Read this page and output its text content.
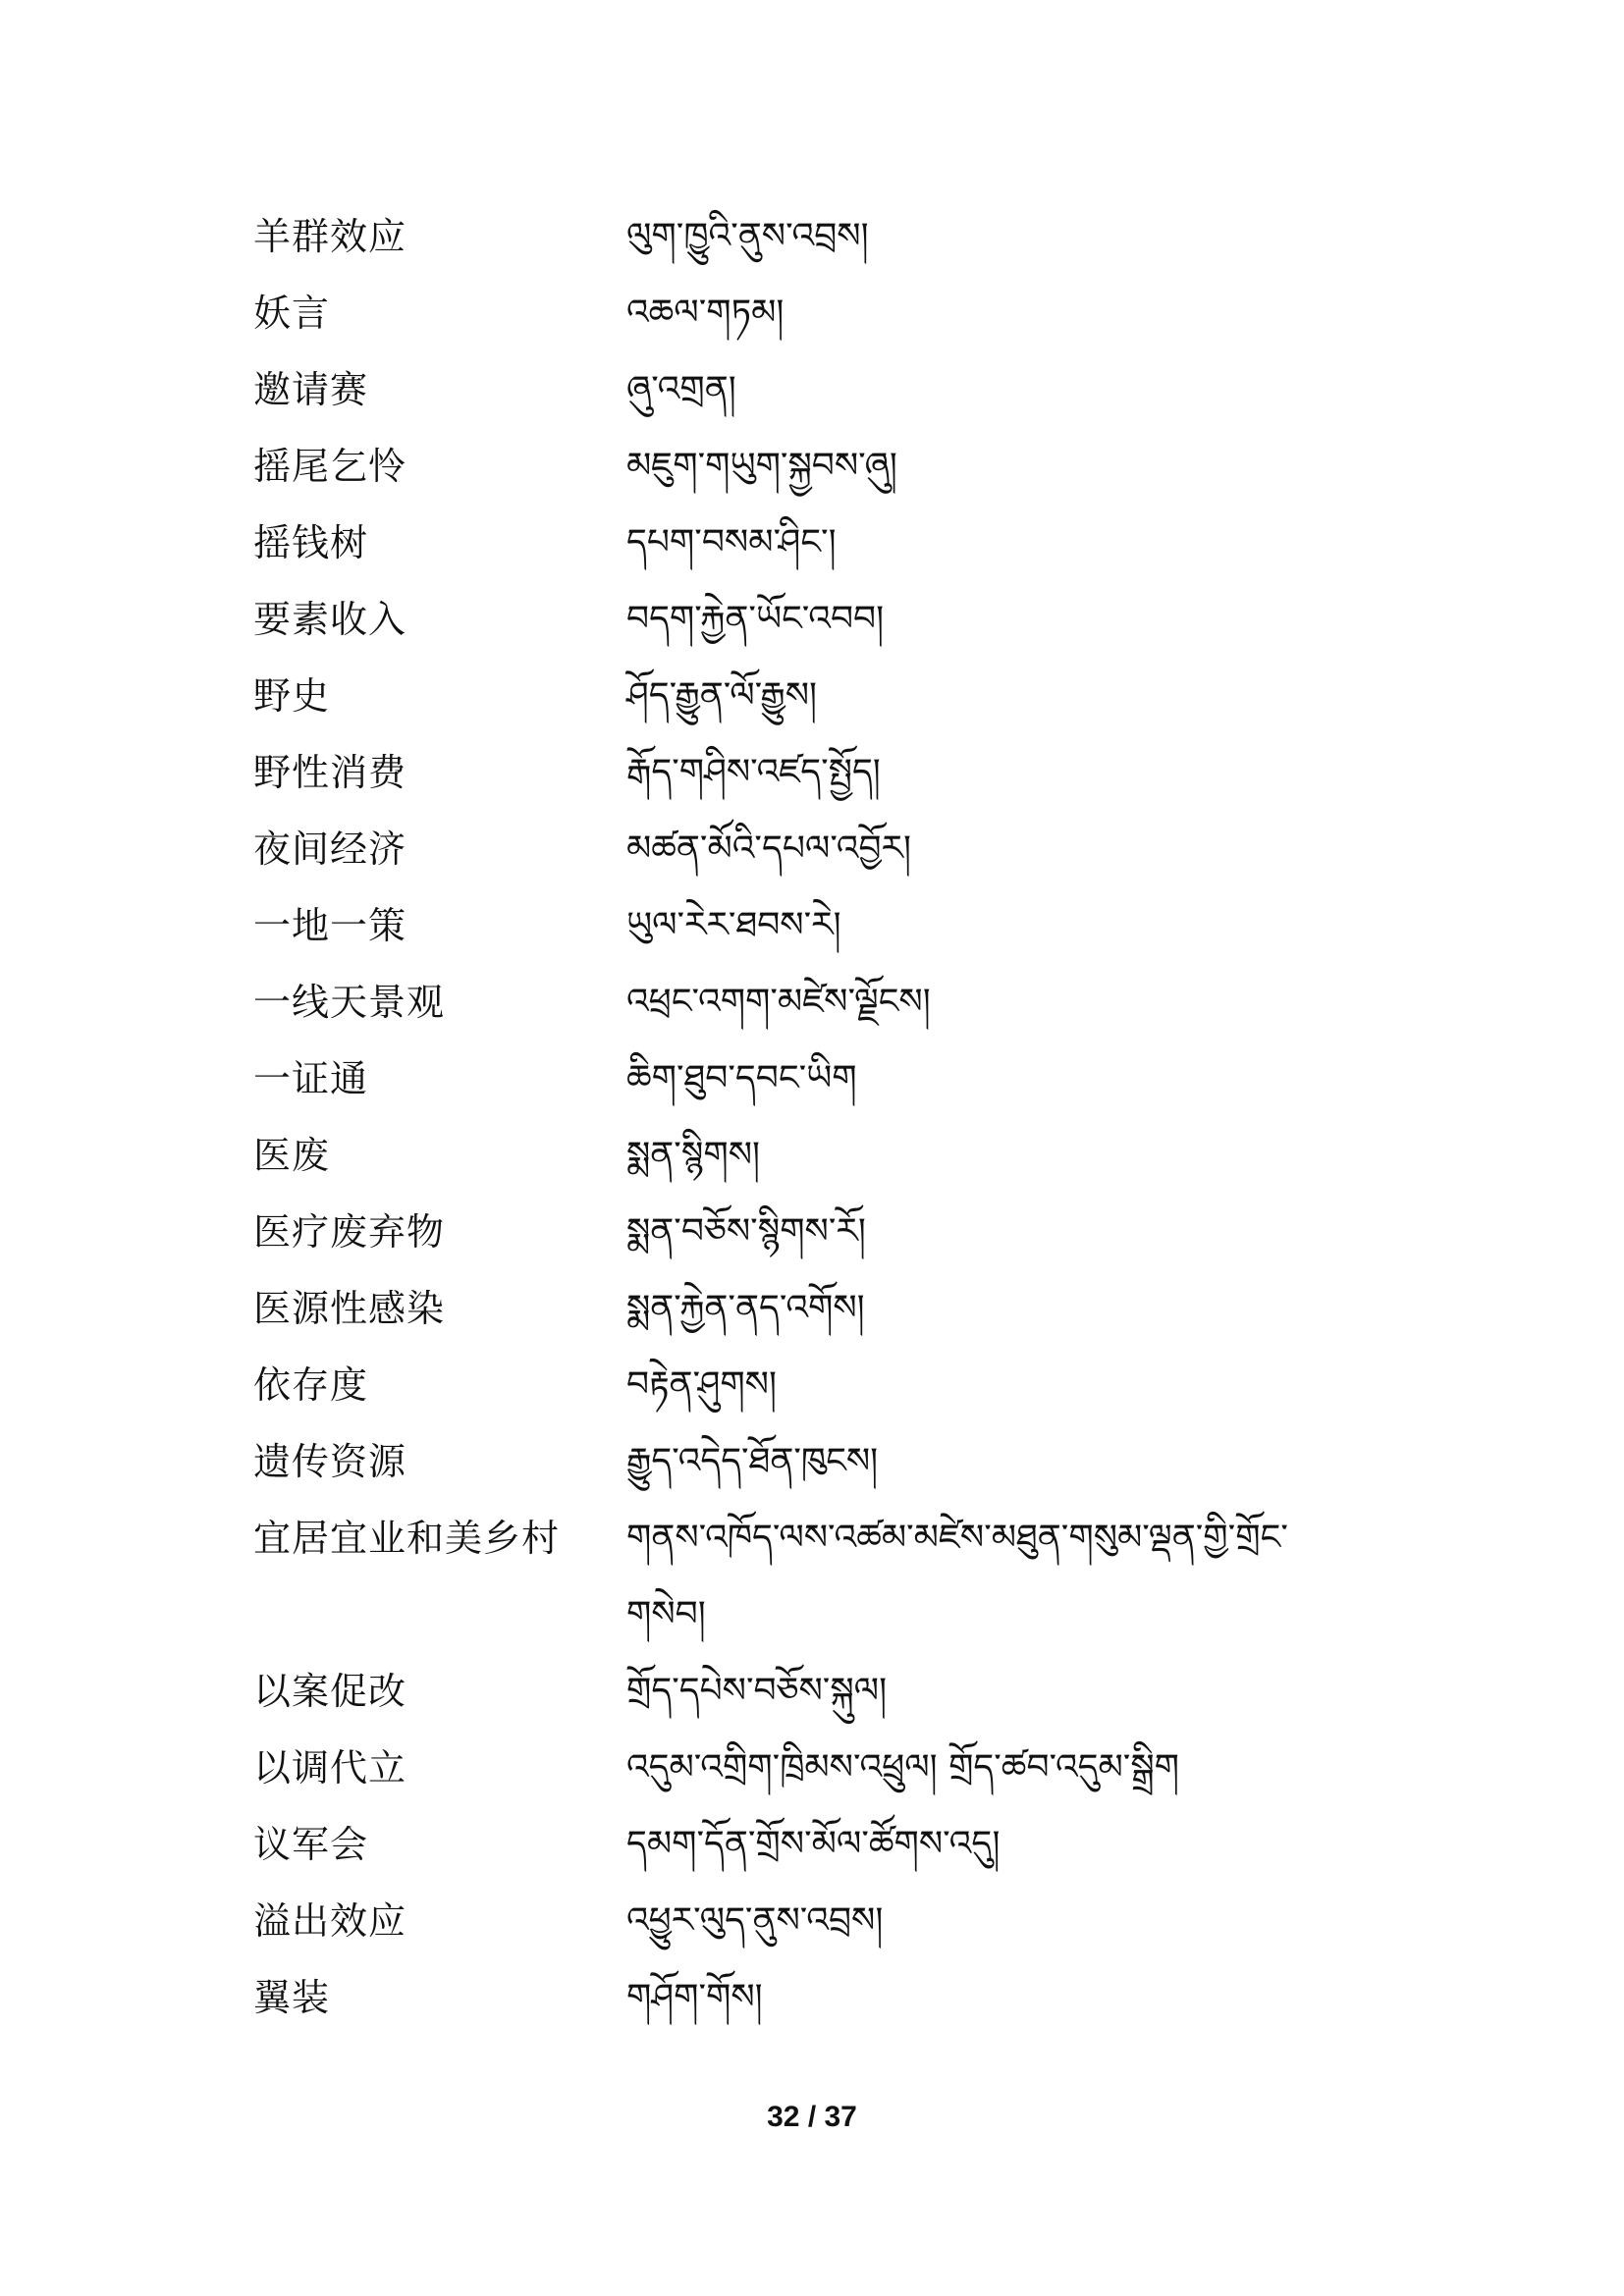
羊群效应	ལུག་ཁྱུའི་ནུས་འབྲས།
妖言	འཆལ་གཏམ།
邀请赛	ཞུ་འགྲན།
摇尾乞怜	མཇུག་གཡུག་སྐྱབས་ཞུ།
摇钱树	དཔག་བསམ་ཤིང་།
要素收入	བདག་རྐྱེན་ཡོང་འབབ།
野史	ཤོད་རྒྱུན་ལོ་རྒྱུས།
野性消费	རྒོད་གཤིས་འཛད་སྤྱོད།
夜间经济	མཚན་མོའི་དཔལ་འབྱོར།
一地一策	ཡུལ་རེར་ཐབས་རེ།
一线天景观	འཕྲང་འགག་མཛེས་ལྗོངས།
一证通	ཆིག་ཐུབ་དབང་ཡིག
医废	སྨན་སྙིགས།
医疗废弃物	སྨན་བཅོས་སྙིགས་རོ།
医源性感染	སྨན་རྐྱེན་ནད་འགོས།
依存度	བརྟེན་ཤུགས།
遗传资源	རྒྱུད་འདེད་ཐོན་ཁུངས།
宜居宜业和美乡村	གནས་འཁོད་ལས་འཚམ་མཛེས་མཐུན་གསུམ་ལྡན་གྱི་གྲོང་གསེབ།
以案促改	གྲོད་དཔེས་བཅོས་སྐུལ།
以调代立	འདུམ་འགྲིག་ཁྲིམས་འཕྲུལ། གྲོད་ཚབ་འདུམ་སྒྲིག
议军会	དམག་དོན་གྲོས་མོལ་ཚོགས་འདུ།
溢出效应	འཕྱུར་ལུད་ནུས་འབྲས།
翼装	གཤོག་གོས།
32 / 37
